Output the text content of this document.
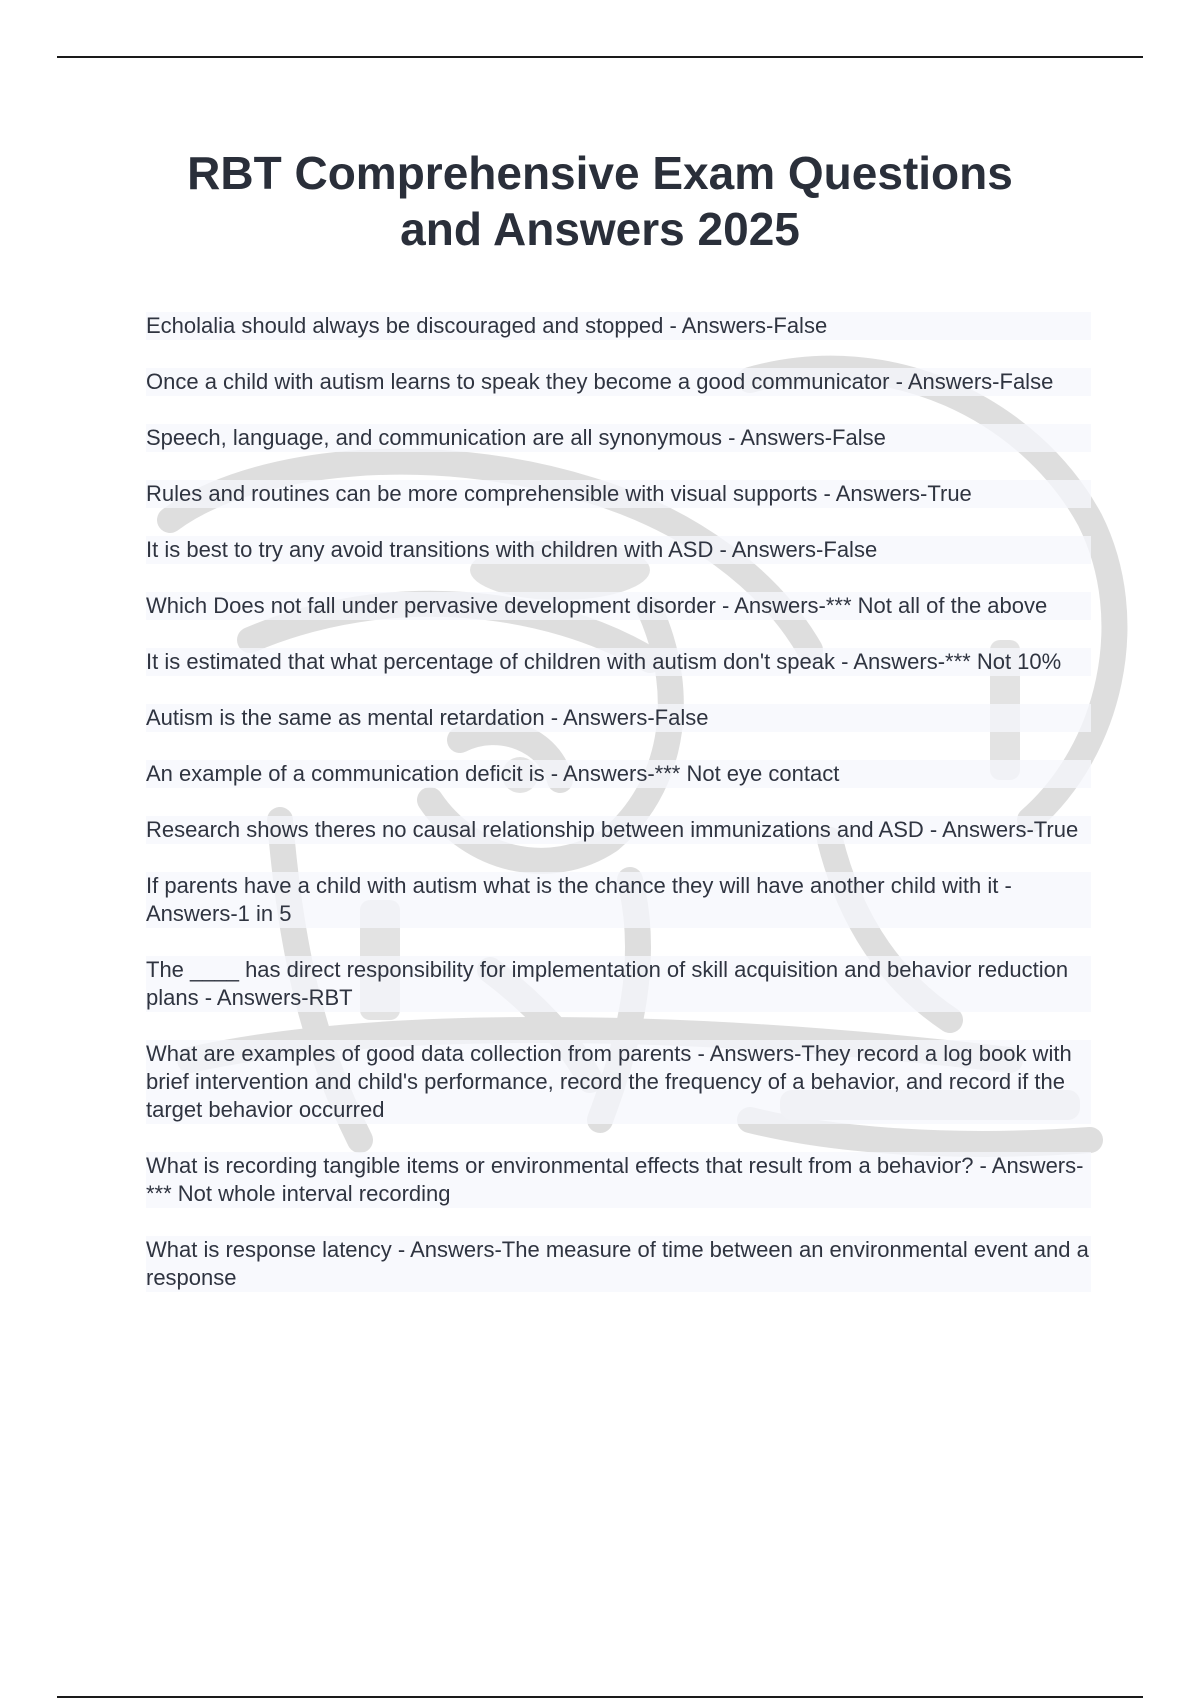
RBT Comprehensive Exam Questions
and Answers 2025
Echolalia should always be discouraged and stopped - Answers-False
Once a child with autism learns to speak they become a good communicator - Answers-False
Speech, language, and communication are all synonymous - Answers-False
Rules and routines can be more comprehensible with visual supports - Answers-True
It is best to try any avoid transitions with children with ASD - Answers-False
Which Does not fall under pervasive development disorder - Answers-*** Not all of the above
It is estimated that what percentage of children with autism don't speak - Answers-*** Not 10%
Autism is the same as mental retardation - Answers-False
An example of a communication deficit is - Answers-*** Not eye contact
Research shows theres no causal relationship between immunizations and ASD - Answers-True
If parents have a child with autism what is the chance they will have another child with it - Answers-1 in 5
The ____ has direct responsibility for implementation of skill acquisition and behavior reduction plans - Answers-RBT
What are examples of good data collection from parents - Answers-They record a log book with brief intervention and child's performance, record the frequency of a behavior, and record if the target behavior occurred
What is recording tangible items or environmental effects that result from a behavior? - Answers-*** Not whole interval recording
What is response latency - Answers-The measure of time between an environmental event and a response
